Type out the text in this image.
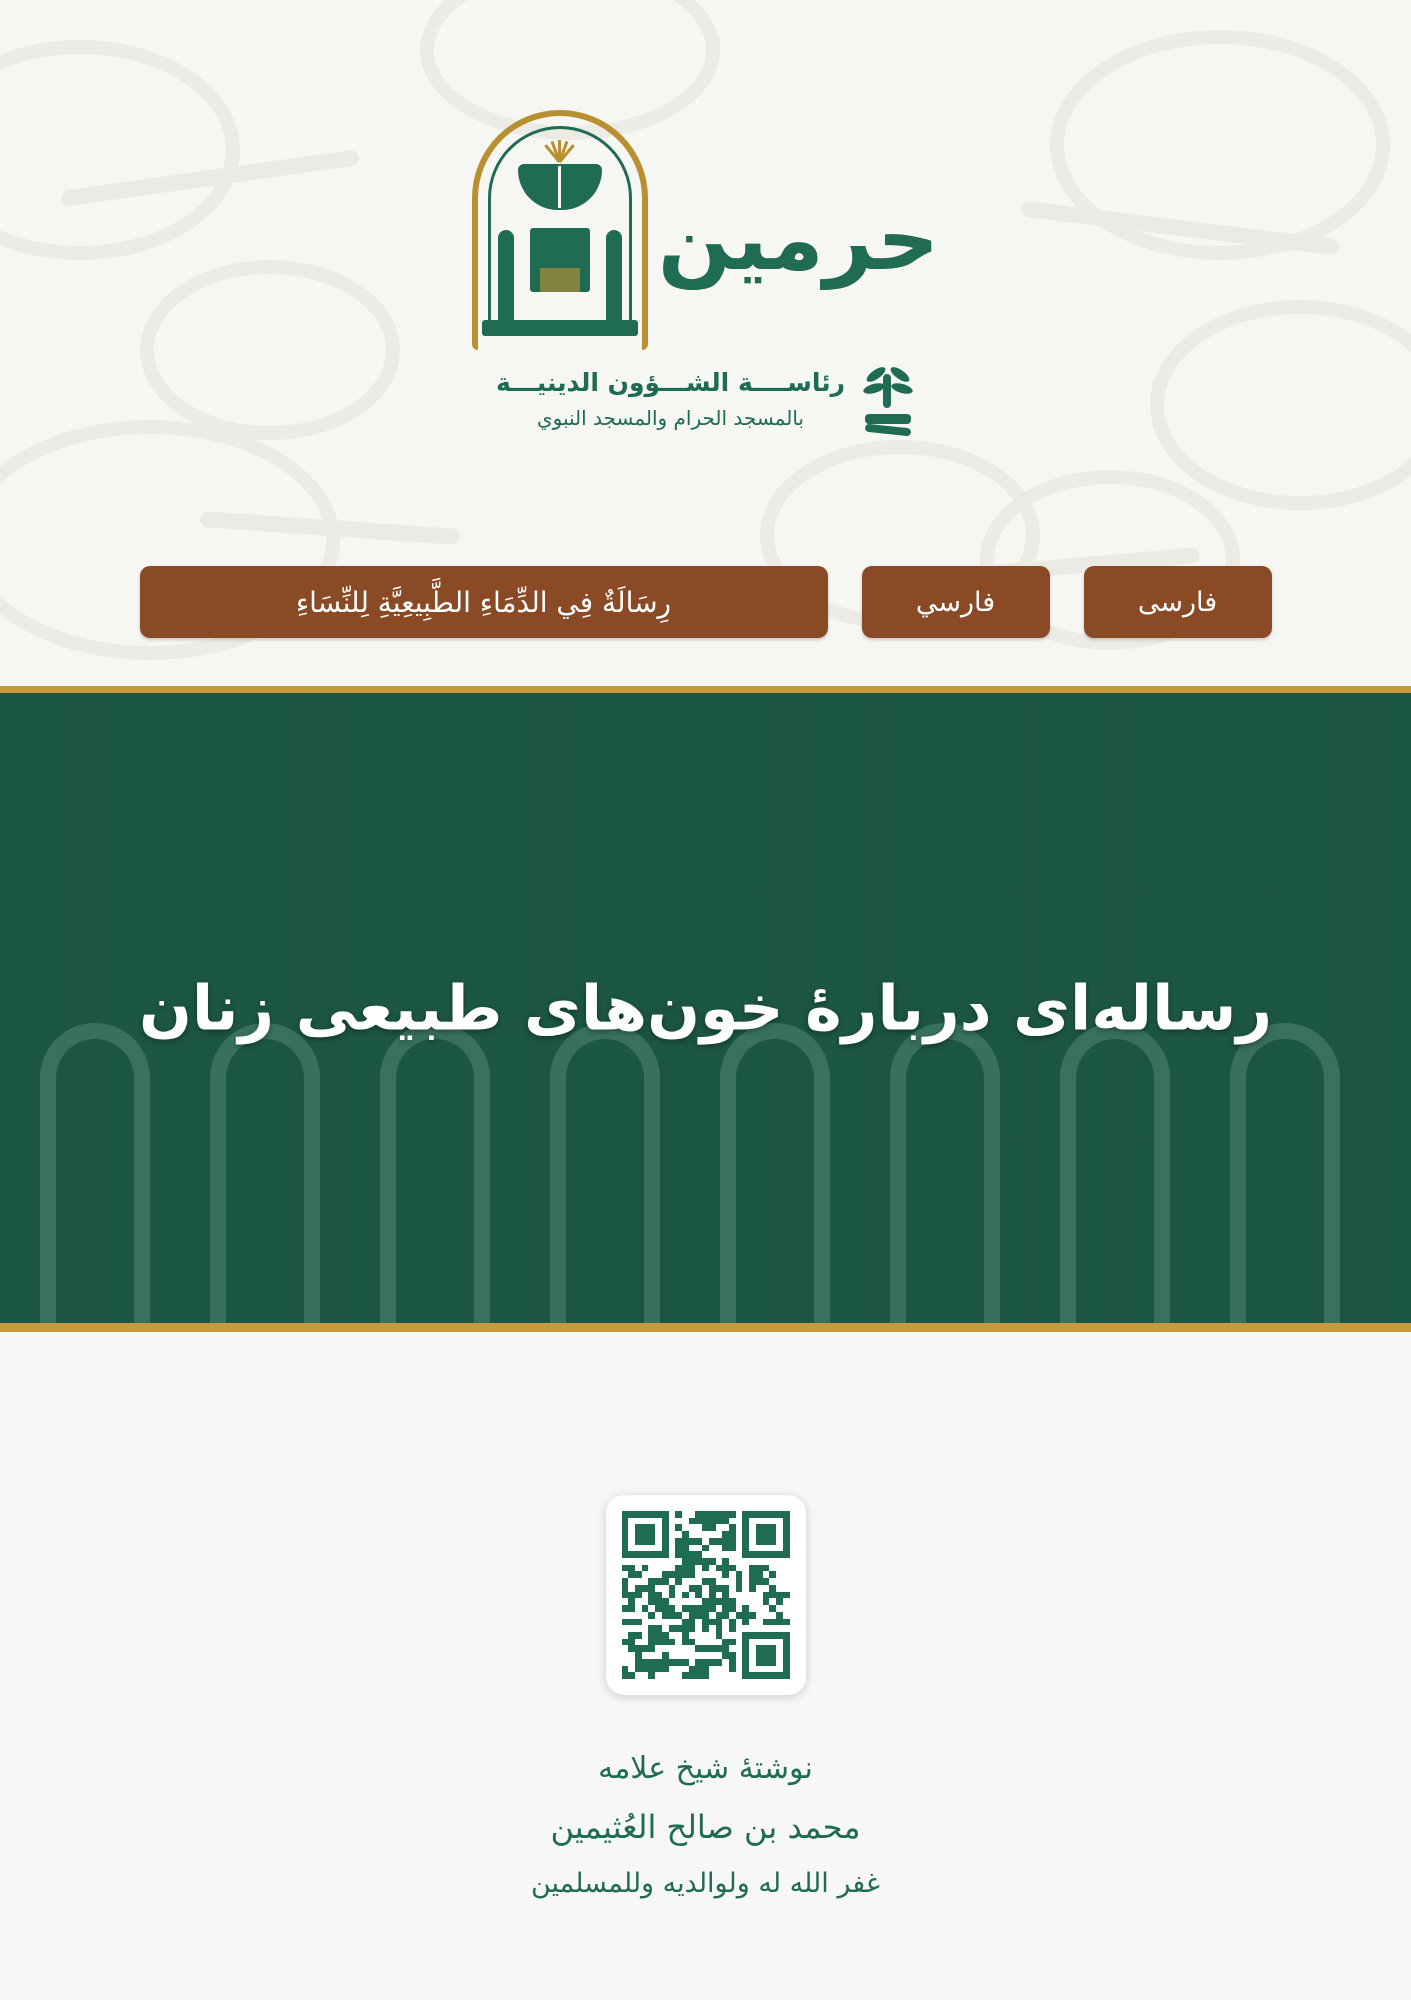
حرمين
رئاســــة الشـــؤون الدينيـــة
بالمسجد الحرام والمسجد النبوي
رِسَالَةٌ فِي الدِّمَاءِ الطَّبِيعِيَّةِ لِلنِّسَاءِ	فارسي	فارسی
رساله‌ای دربارۀ خون‌های طبیعی زنان
نوشتۀ شیخ علامه
محمد بن صالح العُثیمین
غفر الله له ولوالديه وللمسلمين
